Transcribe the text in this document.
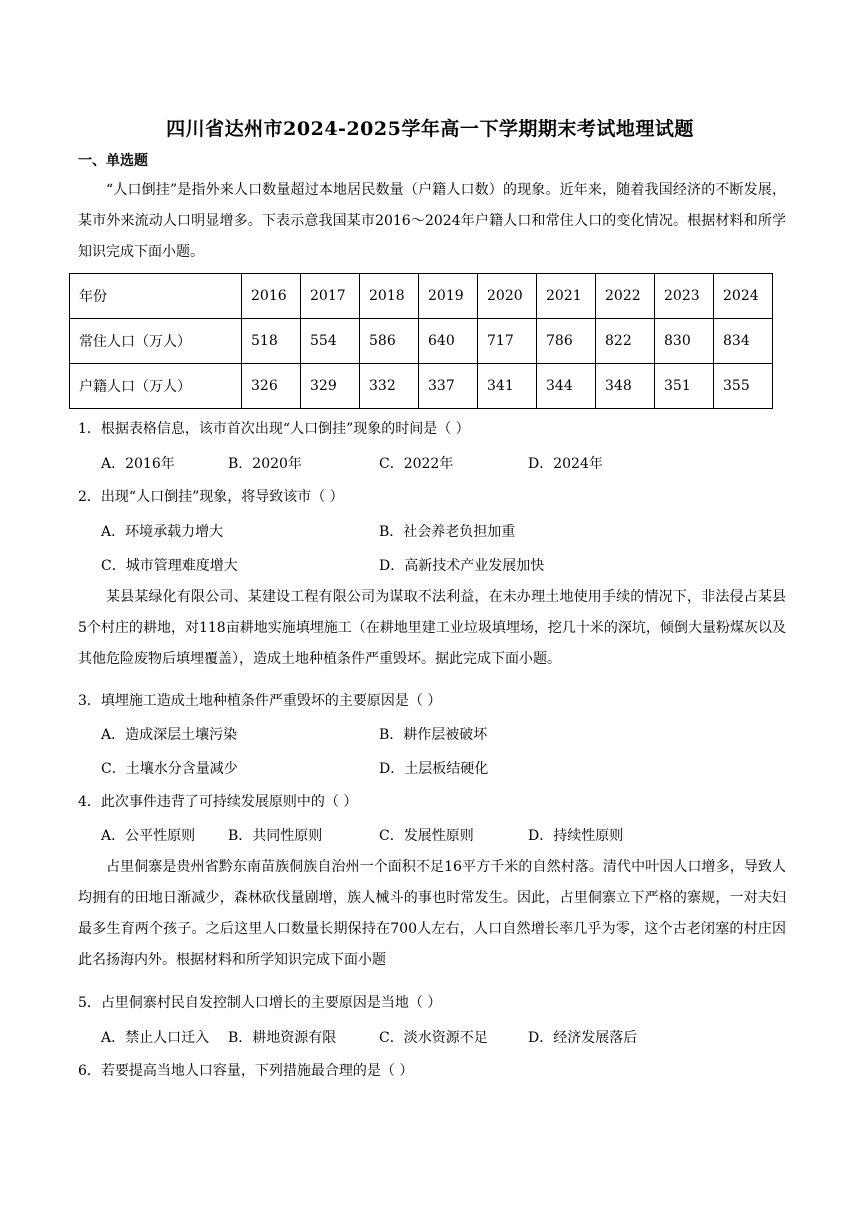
四川省达州市2024-2025学年高一下学期期末考试地理试题
一、单选题
“人口倒挂”是指外来人口数量超过本地居民数量（户籍人口数）的现象。近年来，随着我国经济的不断发展，某市外来流动人口明显增多。下表示意我国某市2016～2024年户籍人口和常住人口的变化情况。根据材料和所学知识完成下面小题。
年份	2016	2017	2018	2019	2020	2021	2022	2023	2024
常住人口（万人）	518	554	586	640	717	786	822	830	834
户籍人口（万人）	326	329	332	337	341	344	348	351	355
1．根据表格信息，该市首次出现“人口倒挂”现象的时间是（ ）
A．2016年	B．2020年	C．2022年	D．2024年
2．出现“人口倒挂”现象，将导致该市（ ）
A．环境承载力增大	B．社会养老负担加重
C．城市管理难度增大	D．高新技术产业发展加快
某县某绿化有限公司、某建设工程有限公司为谋取不法利益，在未办理土地使用手续的情况下，非法侵占某县5个村庄的耕地，对118亩耕地实施填埋施工（在耕地里建工业垃圾填埋场，挖几十米的深坑，倾倒大量粉煤灰以及其他危险废物后填埋覆盖），造成土地种植条件严重毁坏。据此完成下面小题。
3．填埋施工造成土地种植条件严重毁坏的主要原因是（ ）
A．造成深层土壤污染	B．耕作层被破坏
C．土壤水分含量减少	D．土层板结硬化
4．此次事件违背了可持续发展原则中的（ ）
A．公平性原则 B．共同性原则	C．发展性原则	D．持续性原则
占里侗寨是贵州省黔东南苗族侗族自治州一个面积不足16平方千米的自然村落。清代中叶因人口增多，导致人均拥有的田地日渐减少，森林砍伐量剧增，族人械斗的事也时常发生。因此，占里侗寨立下严格的寨规，一对夫妇最多生育两个孩子。之后这里人口数量长期保持在700人左右，人口自然增长率几乎为零，这个古老闭塞的村庄因此名扬海内外。根据材料和所学知识完成下面小题
5．占里侗寨村民自发控制人口增长的主要原因是当地（ ）
A．禁止人口迁入 B．耕地资源有限	C．淡水资源不足	D．经济发展落后
6．若要提高当地人口容量，下列措施最合理的是（ ）
